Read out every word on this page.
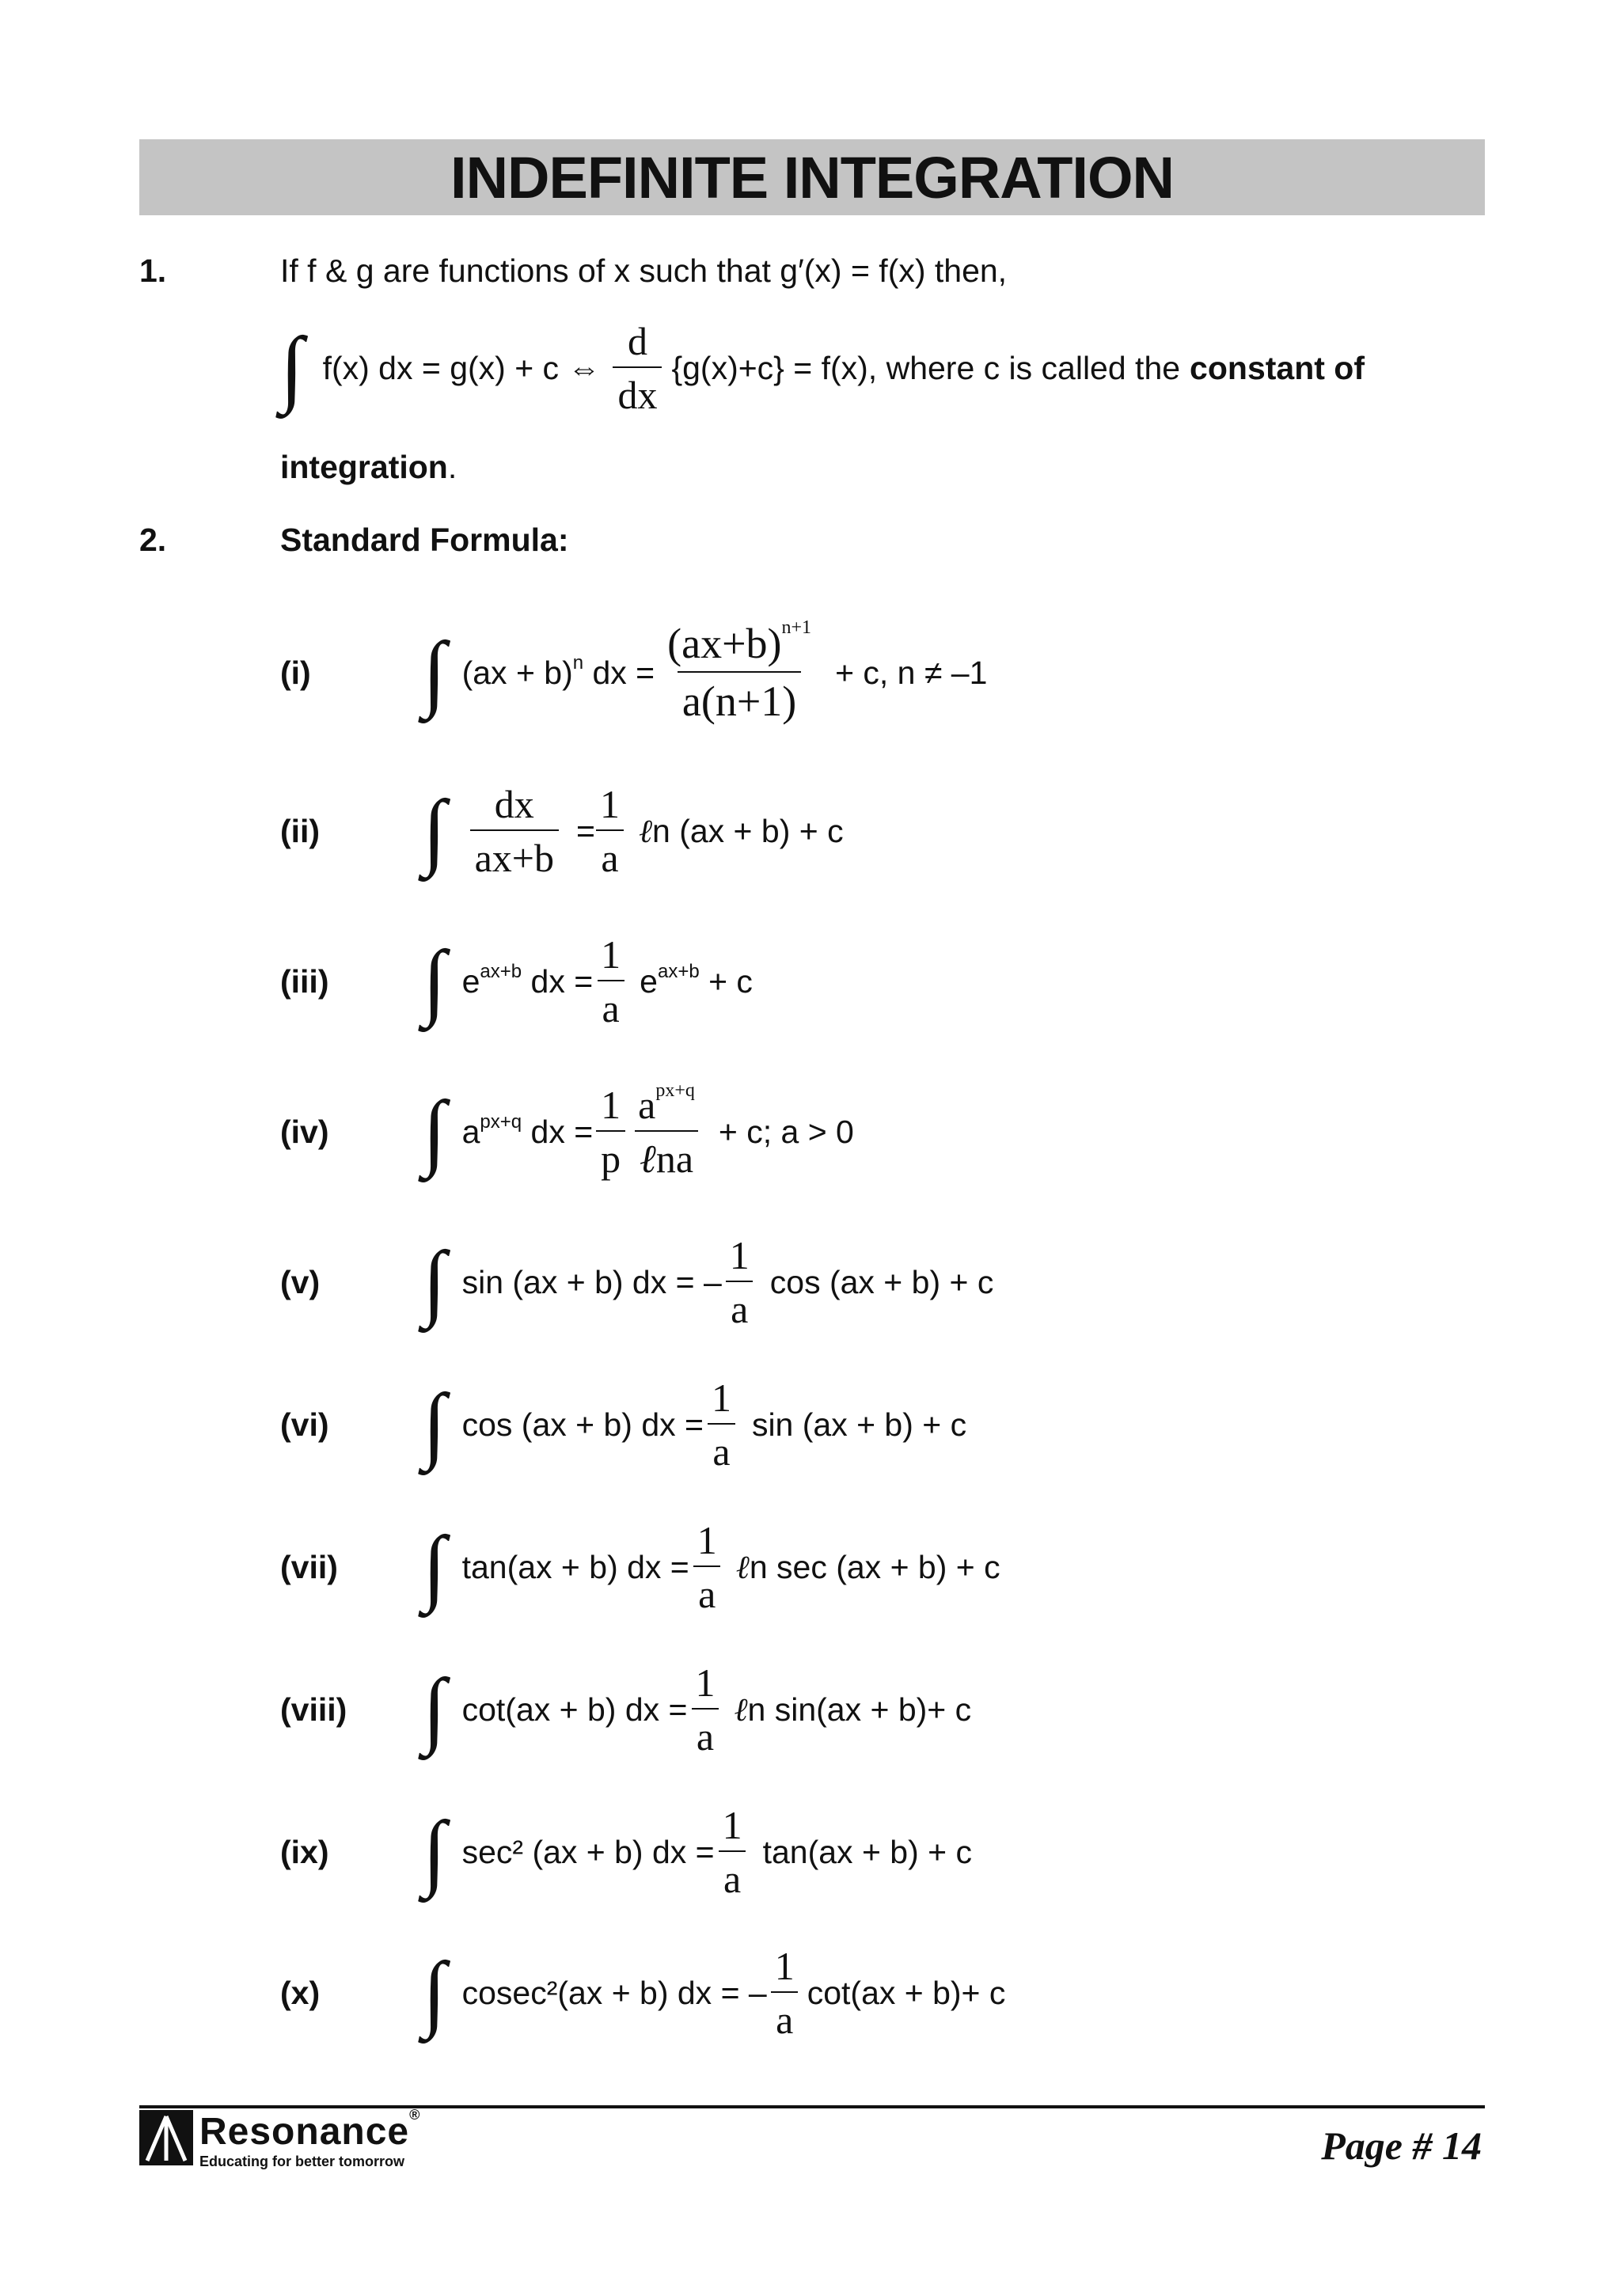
INDEFINITE INTEGRATION
1.	If f & g are functions of x such that g′(x) = f(x) then,
∫ f(x) dx = g(x) + c ⇔ $\frac{d}{dx} \{g(x)+c\} = f(x)$, where c is called the constant of
integration.
2.	Standard Formula:
(i)	∫ (ax + b)$^n$ dx = $\frac{(ax+b)^{n+1}}{a(n+1)} + c$, n ≠ –1
(ii)	∫ $\frac{dx}{ax+b} = \frac{1}{a}$ ℓn (ax + b) + c
(iii)	∫ $e^{ax+b}$ dx = $\frac{1}{a} e^{ax+b} + c$
(iv)	∫ $a^{px+q}$ dx = $\frac{1}{p} \frac{a^{px+q}}{\text{ℓna}} + c$; a > 0
(v)	∫ sin (ax + b) dx = – $\frac{1}{a}$ cos (ax + b) + c
(vi)	∫ cos (ax + b) dx = $\frac{1}{a}$ sin (ax + b) + c
(vii) ∫ tan(ax + b) dx = $\frac{1}{a}$ ℓn sec (ax + b) + c
(viii) ∫ cot(ax + b) dx = $\frac{1}{a}$ ℓn sin(ax + b)+ c
(ix)	∫ sec² (ax + b) dx = $\frac{1}{a} \tan(ax + b) + c$
(x)	∫ cosec²(ax + b) dx = – $\frac{1}{a} \cot(ax + b)+ c$
Resonance®
Educating for better tomorrow	Page # 14
